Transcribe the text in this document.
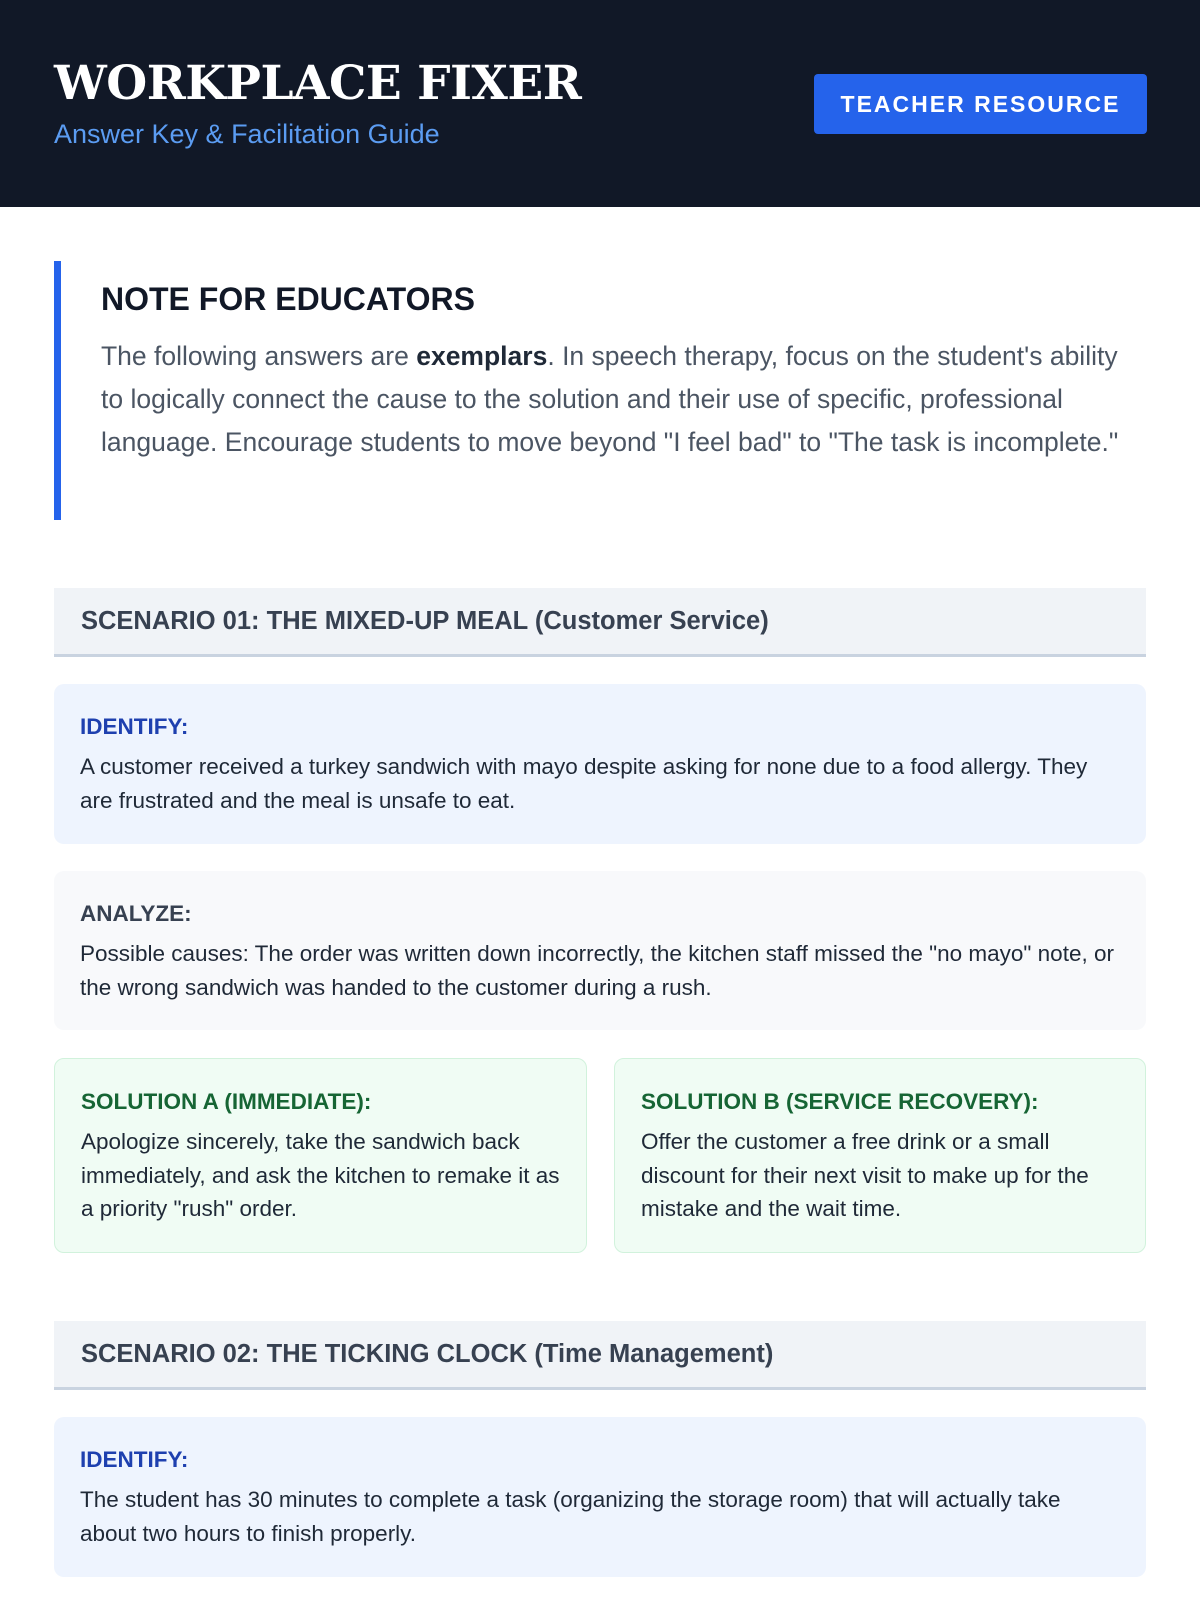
WORKPLACE FIXER
Answer Key & Facilitation Guide
TEACHER RESOURCE
NOTE FOR EDUCATORS
The following answers are exemplars. In speech therapy, focus on the student's ability to logically connect the cause to the solution and their use of specific, professional language. Encourage students to move beyond "I feel bad" to "The task is incomplete."
SCENARIO 01: THE MIXED-UP MEAL (Customer Service)
IDENTIFY:
A customer received a turkey sandwich with mayo despite asking for none due to a food allergy. They are frustrated and the meal is unsafe to eat.
ANALYZE:
Possible causes: The order was written down incorrectly, the kitchen staff missed the "no mayo" note, or the wrong sandwich was handed to the customer during a rush.
SOLUTION A (IMMEDIATE):
Apologize sincerely, take the sandwich back immediately, and ask the kitchen to remake it as a priority "rush" order.
SOLUTION B (SERVICE RECOVERY):
Offer the customer a free drink or a small discount for their next visit to make up for the mistake and the wait time.
SCENARIO 02: THE TICKING CLOCK (Time Management)
IDENTIFY:
The student has 30 minutes to complete a task (organizing the storage room) that will actually take about two hours to finish properly.
